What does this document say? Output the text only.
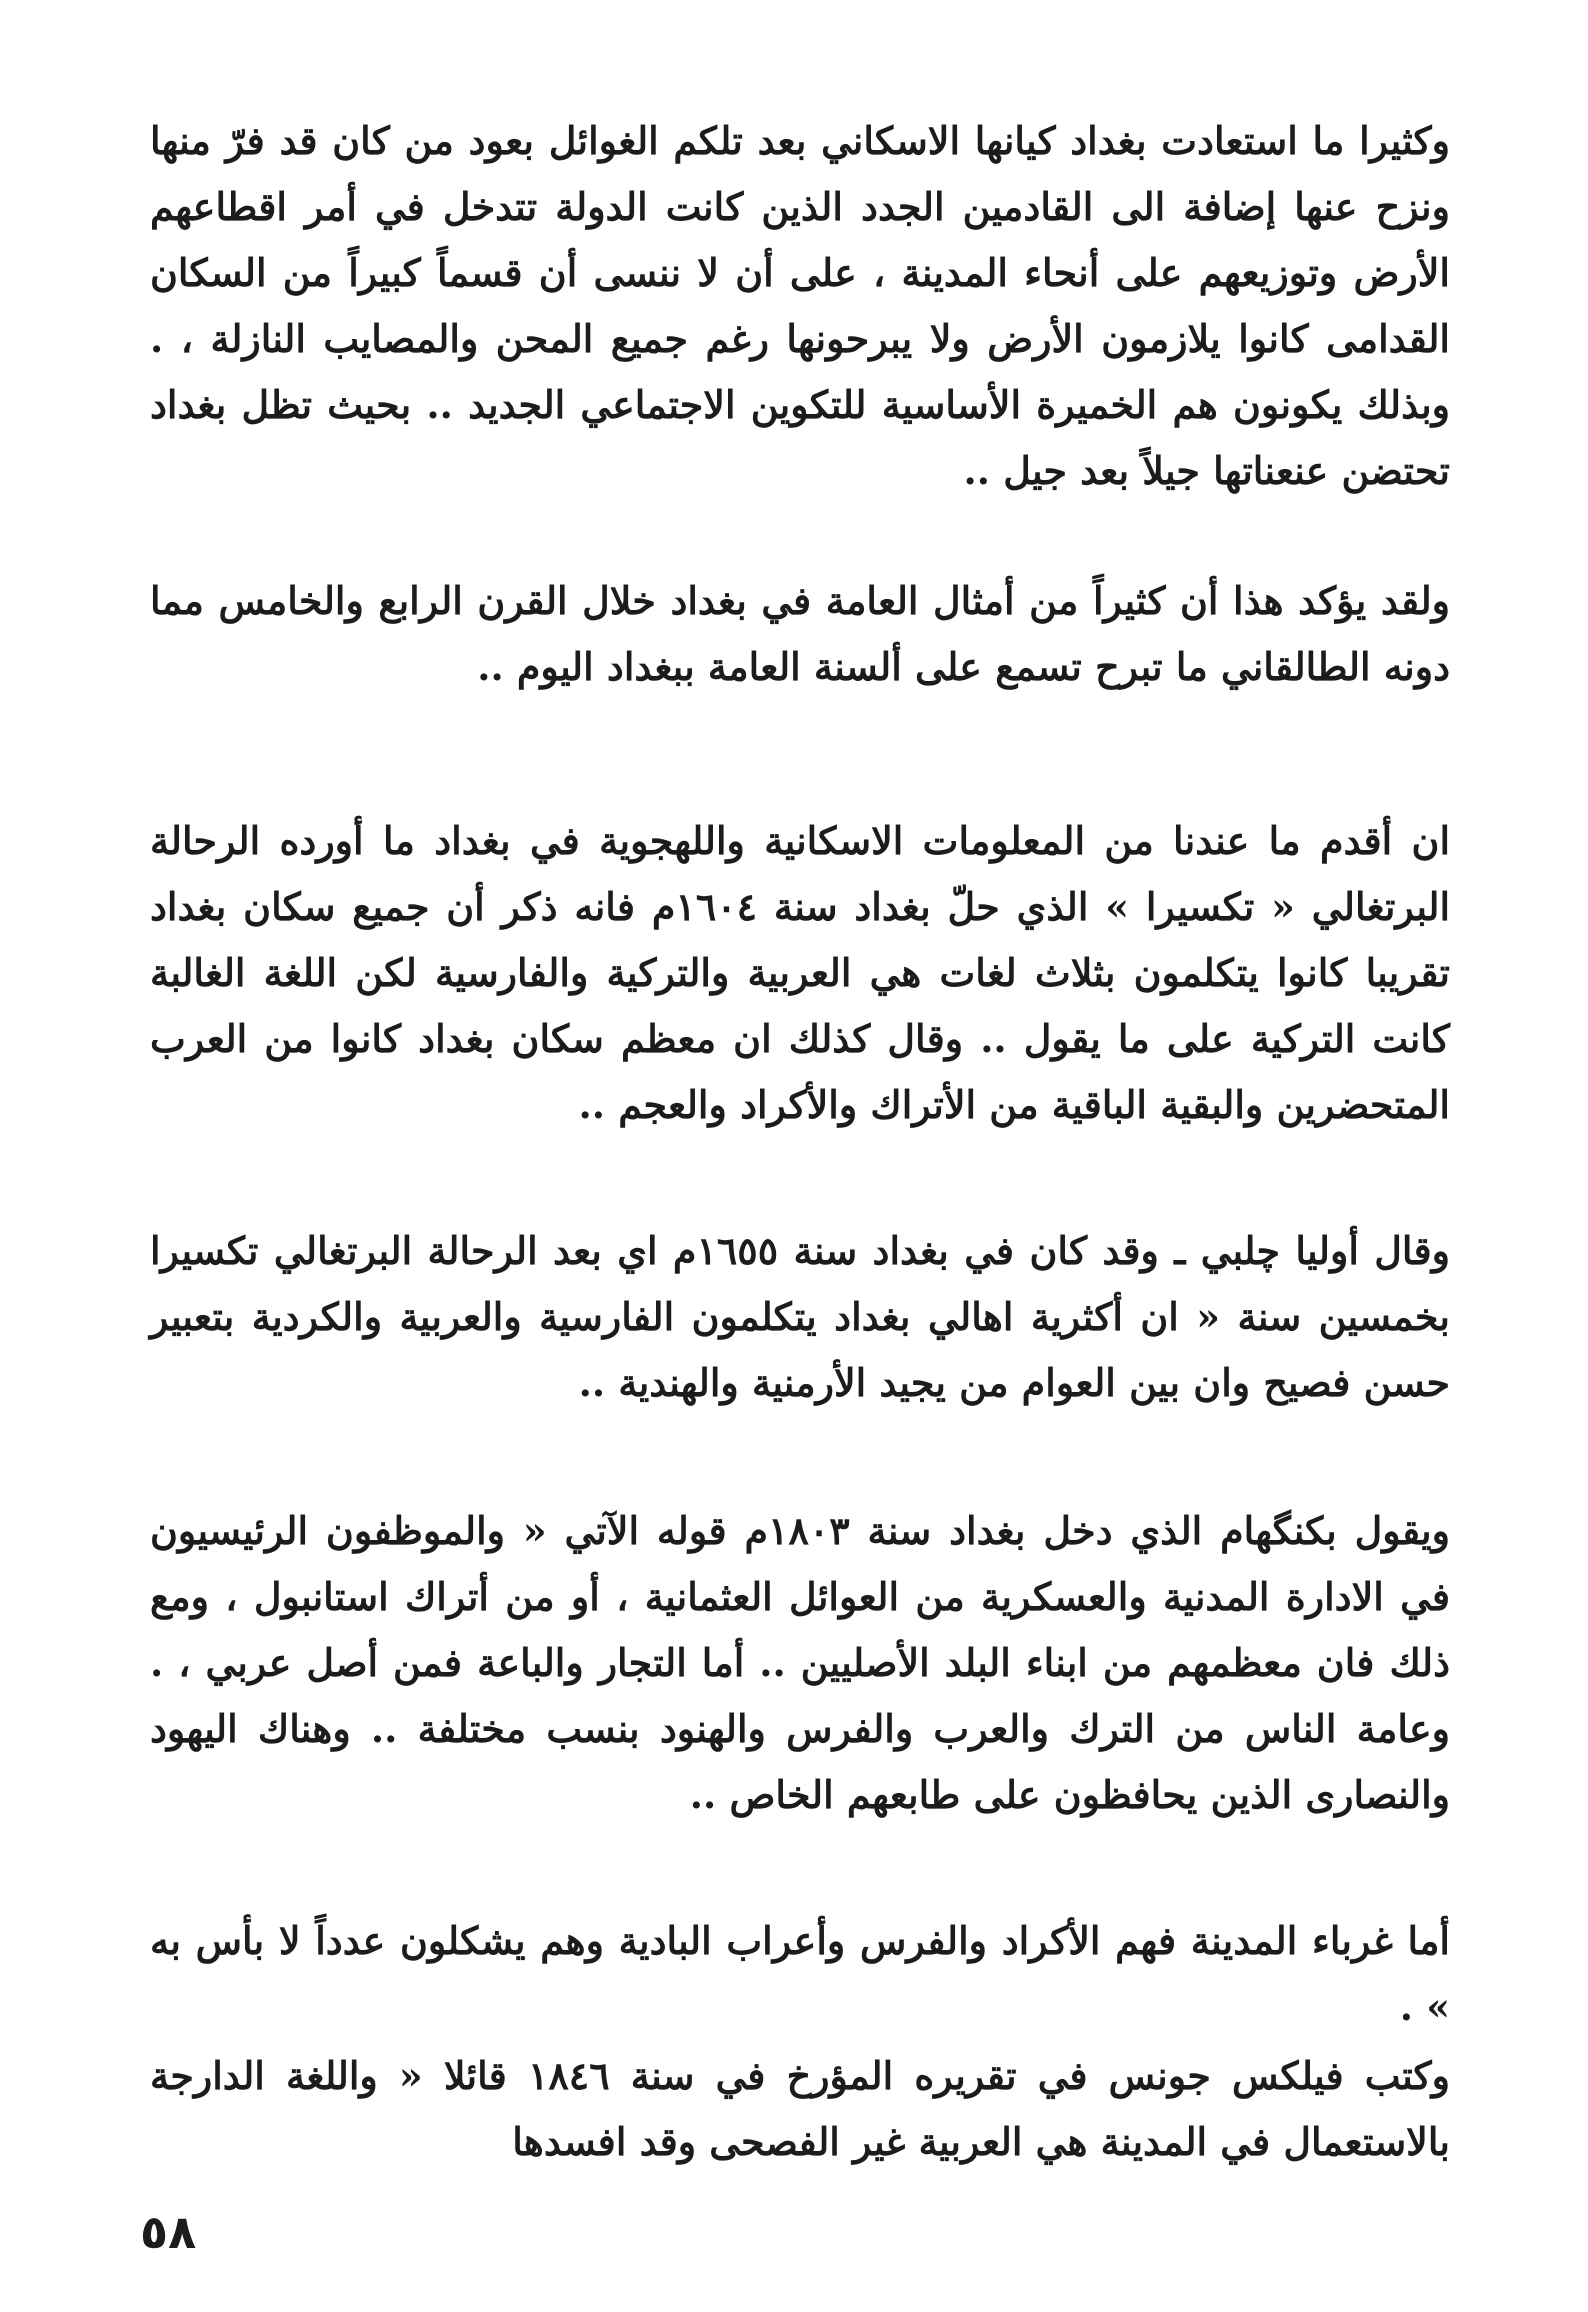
وكثيرا ما استعادت بغداد كيانها الاسكاني بعد تلكم الغوائل بعود من كان قد فرّ منها ونزح عنها إضافة الى القادمين الجدد الذين كانت الدولة تتدخل في أمر اقطاعهم الأرض وتوزيعهم على أنحاء المدينة ، على أن لا ننسى أن قسماً كبيراً من السكان القدامى كانوا يلازمون الأرض ولا يبرحونها رغم جميع المحن والمصايب النازلة ، . وبذلك يكونون هم الخميرة الأساسية للتكوين الاجتماعي الجديد .. بحيث تظل بغداد تحتضن عنعناتها جيلاً بعد جيل ..

ولقد يؤكد هذا أن كثيراً من أمثال العامة في بغداد خلال القرن الرابع والخامس مما دونه الطالقاني ما تبرح تسمع على ألسنة العامة ببغداد اليوم ..

ان أقدم ما عندنا من المعلومات الاسكانية واللهجوية في بغداد ما أورده الرحالة البرتغالي « تكسيرا » الذي حلّ بغداد سنة ١٦٠٤م فانه ذكر أن جميع سكان بغداد تقريبا كانوا يتكلمون بثلاث لغات هي العربية والتركية والفارسية لكن اللغة الغالبة كانت التركية على ما يقول .. وقال كذلك ان معظم سكان بغداد كانوا من العرب المتحضرين والبقية الباقية من الأتراك والأكراد والعجم ..

وقال أوليا چلبي ـ وقد كان في بغداد سنة ١٦٥٥م اي بعد الرحالة البرتغالي تكسيرا بخمسين سنة « ان أكثرية اهالي بغداد يتكلمون الفارسية والعربية والكردية بتعبير حسن فصيح وان بين العوام من يجيد الأرمنية والهندية ..

ويقول بكنگهام الذي دخل بغداد سنة ١٨٠٣م قوله الآتي « والموظفون الرئيسيون في الادارة المدنية والعسكرية من العوائل العثمانية ، أو من أتراك استانبول ، ومع ذلك فان معظمهم من ابناء البلد الأصليين .. أما التجار والباعة فمن أصل عربي ، . وعامة الناس من الترك والعرب والفرس والهنود بنسب مختلفة .. وهناك اليهود والنصارى الذين يحافظون على طابعهم الخاص ..

أما غرباء المدينة فهم الأكراد والفرس وأعراب البادية وهم يشكلون عدداً لا بأس به » .

وكتب فيلكس جونس في تقريره المؤرخ في سنة ١٨٤٦ قائلا « واللغة الدارجة بالاستعمال في المدينة هي العربية غير الفصحى وقد افسدها

٥٨
